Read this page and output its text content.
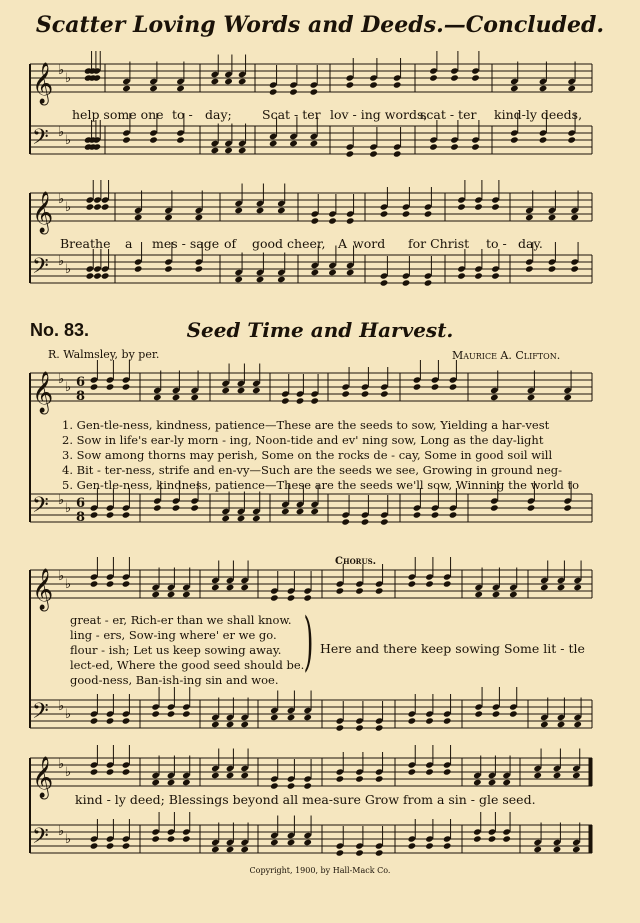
Scatter Loving Words and Deeds.—Concluded.
𝄞 ♭
♭
𝄢 ♭
♭
help some one to - day; Scat - ter lov - ing words,
scat - ter kind-ly deeds,
𝄞 ♭
♭
𝄢 ♭
♭
Breathe a mes - sage of good cheer, A word for Christ to - day.
No. 83.	Seed Time and Harvest.
R. Walmsley, by per.	Maurice A. Clifton.
𝄞 ♭
♭
𝄢 ♭
♭
6
8
6
8
1. Gen-tle-ness, kindness, patience—These are the seeds to sow, Yielding a har-vest
2. Sow in life's ear-ly morn - ing, Noon-tide and ev' ning sow, Long as the day-light
3. Sow among thorns may perish, Some on the rocks de - cay, Some in good soil will
4. Bit - ter-ness, strife and en-vy—Such are the seeds we see, Growing in ground neg-
5. Gen-tle-ness, kindness, patience—These are the seeds we'll sow, Winning the world to
𝄞 ♭
♭
𝄢 ♭
♭
Chorus.
great - er, Rich-er than we shall know.
ling - ers, Sow-ing where' er we go.
flour - ish; Let us keep sowing away.
lect-ed, Where the good seed should be.
good-ness, Ban-ish-ing sin and woe.
) Here and there keep sowing Some lit - tle
𝄞 ♭
♭
𝄢 ♭
♭
kind - ly deed; Blessings beyond all mea-sure Grow from a sin - gle seed.
Copyright, 1900, by Hall-Mack Co.
